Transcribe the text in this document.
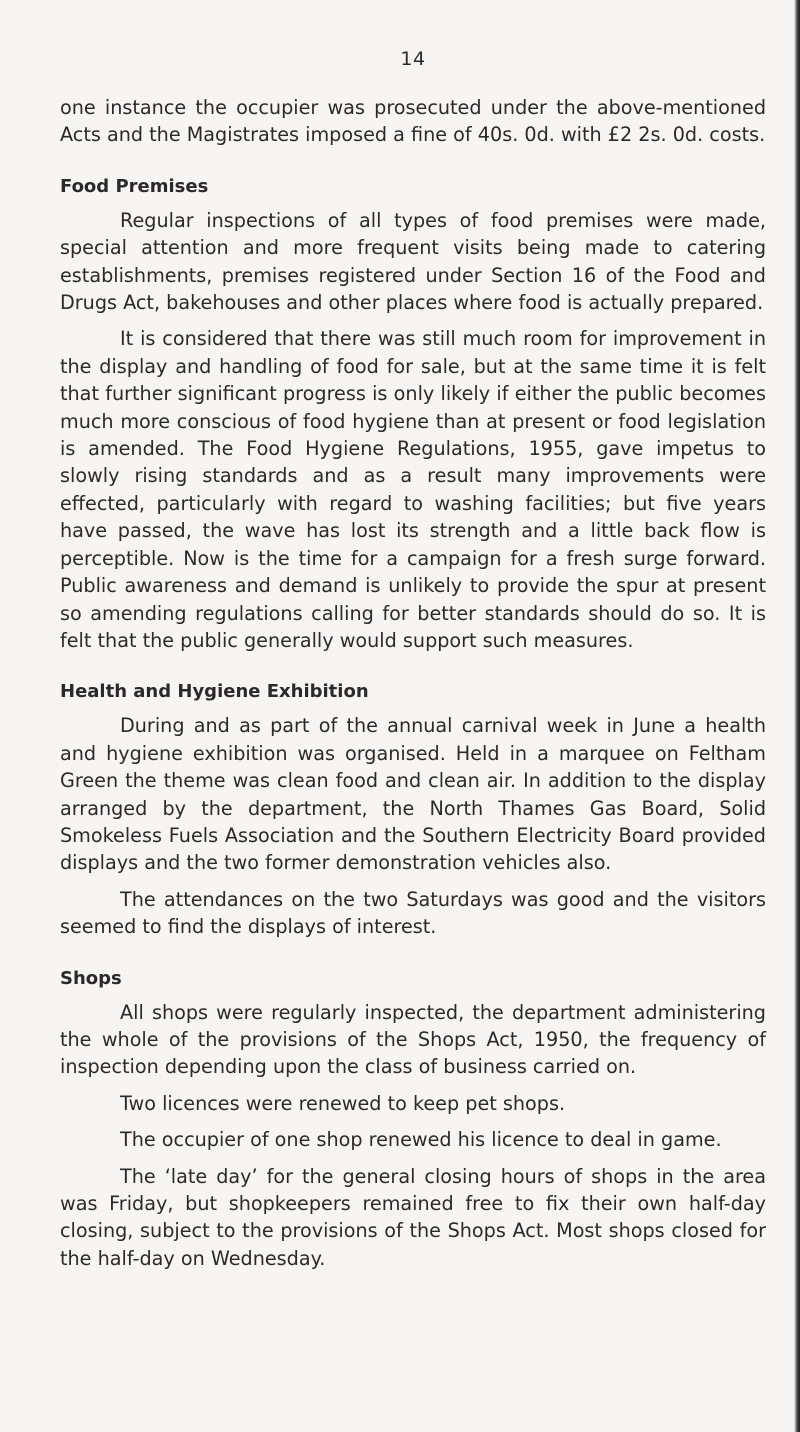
14

one instance the occupier was prosecuted under the above-mentioned Acts and the Magistrates imposed a fine of 40s. 0d. with £2 2s. 0d. costs.

Food Premises

Regular inspections of all types of food premises were made, special attention and more frequent visits being made to catering establishments, premises registered under Section 16 of the Food and Drugs Act, bakehouses and other places where food is actually prepared.

It is considered that there was still much room for improvement in the display and handling of food for sale, but at the same time it is felt that further significant progress is only likely if either the public becomes much more conscious of food hygiene than at present or food legislation is amended. The Food Hygiene Regulations, 1955, gave impetus to slowly rising standards and as a result many improvements were effected, particularly with regard to washing facilities; but five years have passed, the wave has lost its strength and a little back flow is perceptible. Now is the time for a campaign for a fresh surge forward. Public awareness and demand is unlikely to provide the spur at present so amending regulations calling for better standards should do so. It is felt that the public generally would support such measures.

Health and Hygiene Exhibition

During and as part of the annual carnival week in June a health and hygiene exhibition was organised. Held in a marquee on Feltham Green the theme was clean food and clean air. In addition to the display arranged by the department, the North Thames Gas Board, Solid Smokeless Fuels Association and the Southern Electricity Board provided displays and the two former demonstration vehicles also.

The attendances on the two Saturdays was good and the visitors seemed to find the displays of interest.

Shops

All shops were regularly inspected, the department administering the whole of the provisions of the Shops Act, 1950, the frequency of inspection depending upon the class of business carried on.

Two licences were renewed to keep pet shops.

The occupier of one shop renewed his licence to deal in game.

The ‘late day’ for the general closing hours of shops in the area was Friday, but shopkeepers remained free to fix their own half-day closing, subject to the provisions of the Shops Act. Most shops closed for the half-day on Wednesday.
